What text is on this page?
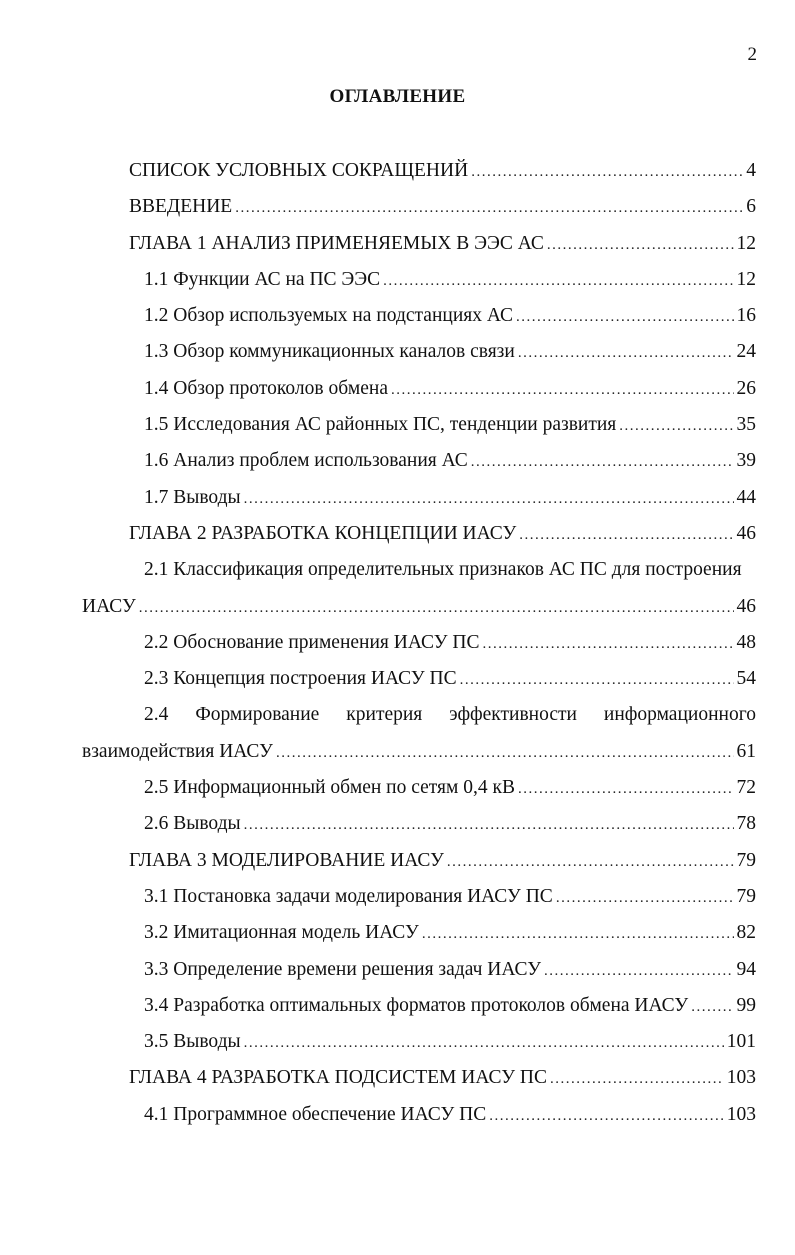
2
ОГЛАВЛЕНИЕ
СПИСОК УСЛОВНЫХ СОКРАЩЕНИЙ .....	4
ВВЕДЕНИЕ .....	6
ГЛАВА 1 АНАЛИЗ ПРИМЕНЯЕМЫХ В ЭЭС АС .....	12
1.1 Функции АС на ПС ЭЭС .....	12
1.2 Обзор используемых на подстанциях АС .....	16
1.3 Обзор коммуникационных каналов связи .....	24
1.4 Обзор протоколов обмена .....	26
1.5 Исследования АС районных ПС, тенденции развития .....	35
1.6 Анализ проблем использования АС .....	39
1.7 Выводы .....	44
ГЛАВА 2 РАЗРАБОТКА КОНЦЕПЦИИ ИАСУ .....	46
2.1 Классификация определительных признаков АС ПС для построения
ИАСУ .....	46
2.2 Обоснование применения ИАСУ ПС .....	48
2.3 Концепция построения ИАСУ ПС .....	54
2.4 Формирование критерия эффективности информационного
взаимодействия ИАСУ .....	61
2.5 Информационный обмен по сетям 0,4 кВ .....	72
2.6 Выводы .....	78
ГЛАВА 3 МОДЕЛИРОВАНИЕ ИАСУ .....	79
3.1 Постановка задачи моделирования ИАСУ ПС .....	79
3.2 Имитационная модель ИАСУ .....	82
3.3 Определение времени решения задач ИАСУ .....	94
3.4 Разработка оптимальных форматов протоколов обмена ИАСУ ..... 99
3.5 Выводы .....	101
ГЛАВА 4 РАЗРАБОТКА ПОДСИСТЕМ ИАСУ ПС .....	103
4.1 Программное обеспечение ИАСУ ПС .....	103
